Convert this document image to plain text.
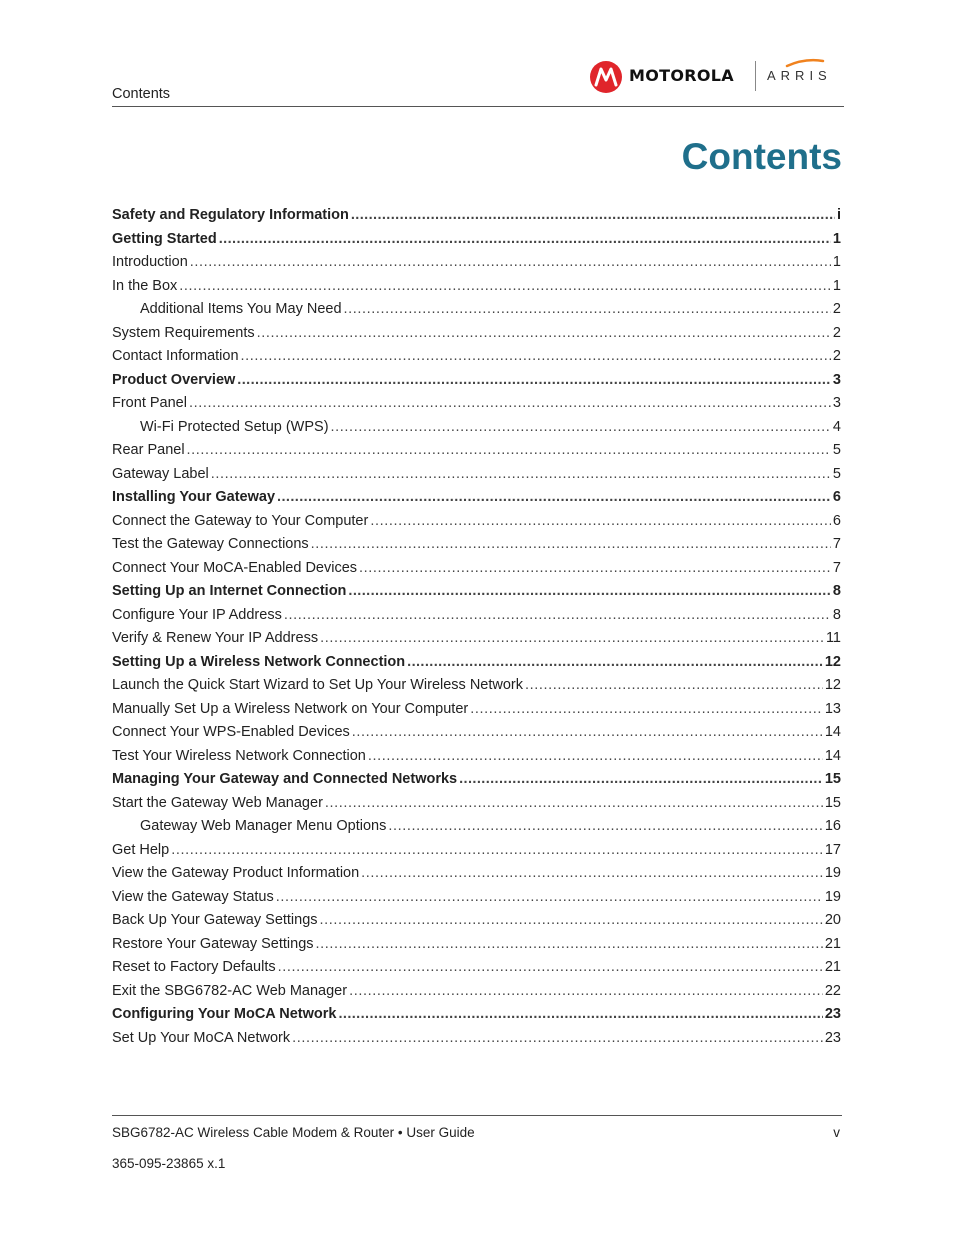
Contents
MOTOROLA	ARRIS
Contents
Safety and Regulatory Information .....	i
Getting Started .....	1
Introduction .....	1
In the Box .....	1
Additional Items You May Need .....	2
System Requirements .....	2
Contact Information .....	2
Product Overview .....	3
Front Panel .....	3
Wi-Fi Protected Setup (WPS) .....	4
Rear Panel .....	5
Gateway Label .....	5
Installing Your Gateway .....	6
Connect the Gateway to Your Computer .....	6
Test the Gateway Connections .....	7
Connect Your MoCA-Enabled Devices .....	7
Setting Up an Internet Connection .....	8
Configure Your IP Address .....	8
Verify & Renew Your IP Address .....	11
Setting Up a Wireless Network Connection .....	12
Launch the Quick Start Wizard to Set Up Your Wireless Network .....	12
Manually Set Up a Wireless Network on Your Computer .....	13
Connect Your WPS-Enabled Devices .....	14
Test Your Wireless Network Connection .....	14
Managing Your Gateway and Connected Networks .....	15
Start the Gateway Web Manager .....	15
Gateway Web Manager Menu Options .....	16
Get Help .....	17
View the Gateway Product Information .....	19
View the Gateway Status .....	19
Back Up Your Gateway Settings .....	20
Restore Your Gateway Settings .....	21
Reset to Factory Defaults .....	21
Exit the SBG6782-AC Web Manager .....	22
Configuring Your MoCA Network .....	23
Set Up Your MoCA Network .....	23
SBG6782-AC Wireless Cable Modem & Router • User Guide	v
365-095-23865 x.1
